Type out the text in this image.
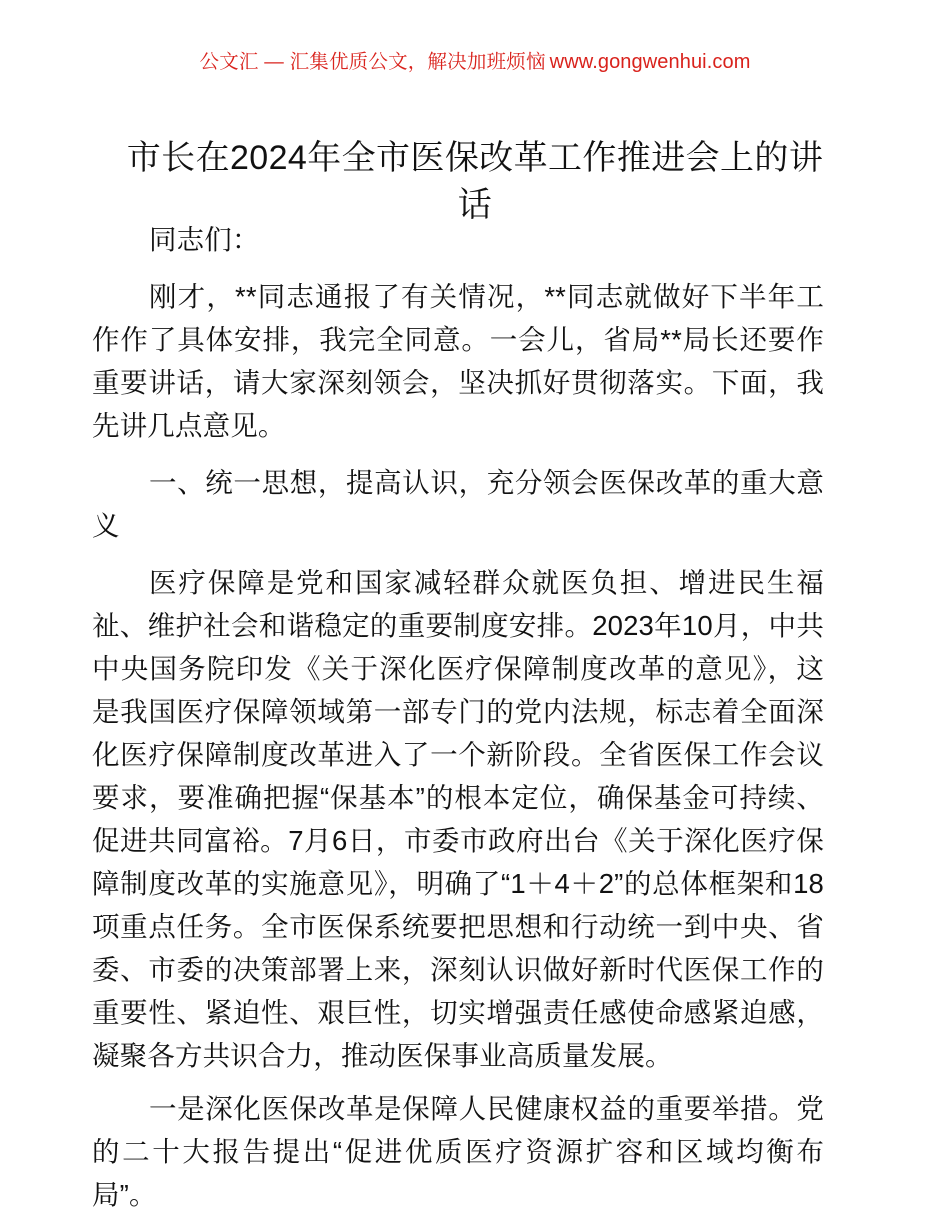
公文汇 — 汇集优质公文，解决加班烦恼 www.gongwenhui.com
市长在2024年全市医保改革工作推进会上的讲话

同志们：

刚才，**同志通报了有关情况，**同志就做好下半年工作作了具体安排，我完全同意。一会儿，省局**局长还要作重要讲话，请大家深刻领会，坚决抓好贯彻落实。下面，我先讲几点意见。

一、统一思想，提高认识，充分领会医保改革的重大意义

医疗保障是党和国家减轻群众就医负担、增进民生福祉、维护社会和谐稳定的重要制度安排。2023年10月，中共中央国务院印发《关于深化医疗保障制度改革的意见》，这是我国医疗保障领域第一部专门的党内法规，标志着全面深化医疗保障制度改革进入了一个新阶段。全省医保工作会议要求，要准确把握“保基本”的根本定位，确保基金可持续、促进共同富裕。7月6日，市委市政府出台《关于深化医疗保障制度改革的实施意见》，明确了“1＋4＋2”的总体框架和18项重点任务。全市医保系统要把思想和行动统一到中央、省委、市委的决策部署上来，深刻认识做好新时代医保工作的重要性、紧迫性、艰巨性，切实增强责任感使命感紧迫感，凝聚各方共识合力，推动医保事业高质量发展。

一是深化医保改革是保障人民健康权益的重要举措。党的二十大报告提出“促进优质医疗资源扩容和区域均衡布局”。
